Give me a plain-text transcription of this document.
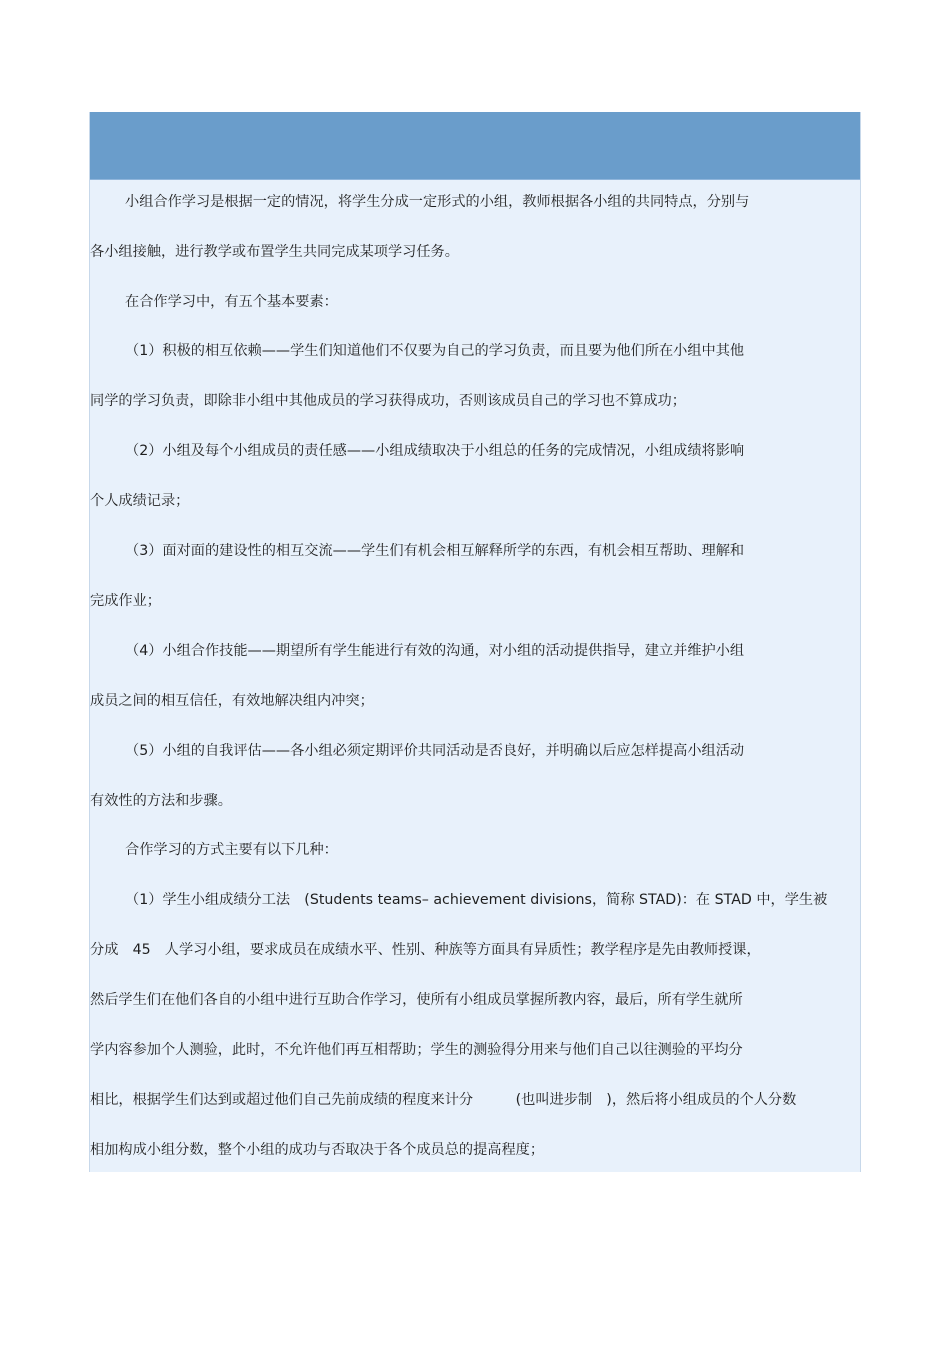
小组合作学习是根据一定的情况，将学生分成一定形式的小组，教师根据各小组的共同特点，分别与
各小组接触，进行教学或布置学生共同完成某项学习任务。
在合作学习中，有五个基本要素：
（1）积极的相互依赖——学生们知道他们不仅要为自己的学习负责，而且要为他们所在小组中其他
同学的学习负责，即除非小组中其他成员的学习获得成功，否则该成员自己的学习也不算成功；
（2）小组及每个小组成员的责任感——小组成绩取决于小组总的任务的完成情况，小组成绩将影响
个人成绩记录；
（3）面对面的建设性的相互交流——学生们有机会相互解释所学的东西，有机会相互帮助、理解和
完成作业；
（4）小组合作技能——期望所有学生能进行有效的沟通，对小组的活动提供指导，建立并维护小组
成员之间的相互信任，有效地解决组内冲突；
（5）小组的自我评估——各小组必须定期评价共同活动是否良好，并明确以后应怎样提高小组活动
有效性的方法和步骤。
合作学习的方式主要有以下几种：
（1）学生小组成绩分工法　(Students teams– achievement divisions，简称 STAD)：在 STAD 中，学生被
分成　45　人学习小组，要求成员在成绩水平、性别、种族等方面具有异质性；教学程序是先由教师授课，
然后学生们在他们各自的小组中进行互助合作学习，使所有小组成员掌握所教内容，最后，所有学生就所
学内容参加个人测验，此时，不允许他们再互相帮助；学生的测验得分用来与他们自己以往测验的平均分
相比，根据学生们达到或超过他们自己先前成绩的程度来计分　　　(也叫进步制　)，然后将小组成员的个人分数
相加构成小组分数，整个小组的成功与否取决于各个成员总的提高程度；
